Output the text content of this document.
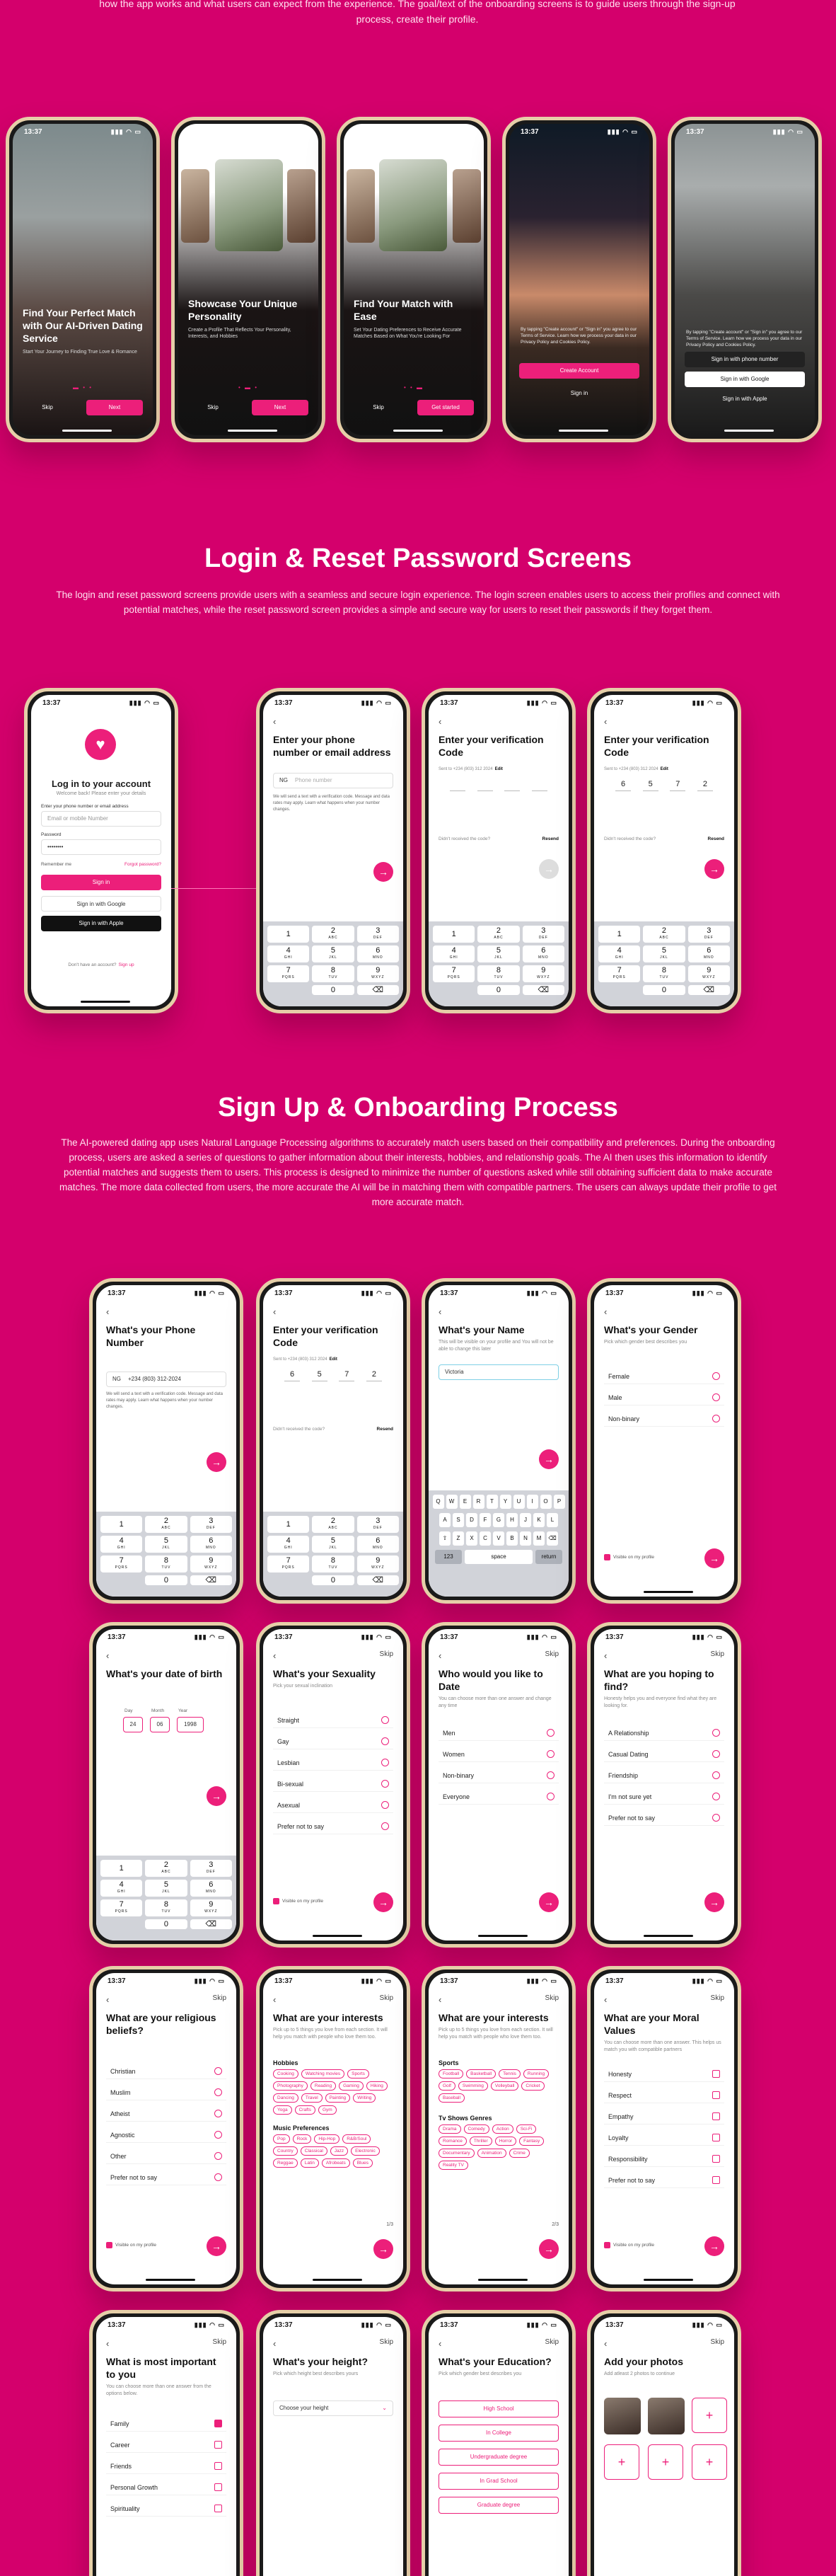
how the app works and what users can expect from the experience. The goal/text of the onboarding screens is to guide users through the sign-up process, create their profile.
Login & Reset Password Screens
The login and reset password screens provide users with a seamless and secure login experience. The login screen enables users to access their profiles and connect with potential matches, while the reset password screen provides a simple and secure way for users to reset their passwords if they forget them.
Sign Up & Onboarding Process
The AI-powered dating app uses Natural Language Processing algorithms to accurately match users based on their compatibility and preferences. During the onboarding process, users are asked a series of questions to gather information about their interests, hobbies, and relationship goals. The AI then uses this information to identify potential matches and suggests them to users. This process is designed to minimize the number of questions asked while still obtaining sufficient data to make accurate matches. The more data collected from users, the more accurate the AI will be in matching them with compatible partners. The users can always update their profile to get more accurate match.
13:37	▮▮▮ ◠ ▭
Find Your Perfect Match with Our AI-Driven Dating Service
Start Your Journey to Finding True Love & Romance
▬ • •
Skip	Next
13:37	▮▮▮ ◠ ▭
Showcase Your Unique Personality
Create a Profile That Reflects Your Personality, Interests, and Hobbies
• ▬ •
Skip	Next
13:37	▮▮▮ ◠ ▭
Find Your Match with Ease
Set Your Dating Preferences to Receive Accurate Matches Based on What You're Looking For
• • ▬
Skip	Get started
13:37	▮▮▮ ◠ ▭
By tapping "Create account" or "Sign in" you agree to our Terms of Service. Learn how we process your data in our Privacy Policy and Cookies Policy.
Create Account
Sign in
13:37	▮▮▮ ◠ ▭
By tapping "Create account" or "Sign in" you agree to our Terms of Service. Learn how we process your data in our Privacy Policy and Cookies Policy.
Sign in with phone number
Sign in with Google
Sign in with Apple
13:37	▮▮▮ ◠ ▭
♥
Log in to your account
Welcome back! Please enter your details
Enter your phone number or email address
Email or mobile Number
Password
••••••••
Remember me	Forgot password?
Sign in
Sign in with Google
Sign in with Apple
Don't have an account? Sign up
13:37	▮▮▮ ◠ ▭
‹
Enter your phone number or email address
NG Phone number
We will send a text with a verification code. Message and data rates may apply. Learn what happens when your number changes.
→
1	2
ABC
3
DEF
4
GHI
5
JKL
6
MNO
7
PQRS
8
TUV
9
WXYZ
0	⌫
13:37	▮▮▮ ◠ ▭
‹
Enter your verification Code
Sent to +234 (803) 312 2024 Edit
Didn't received the code?	Resend
→
1	2
ABC
3
DEF
4
GHI
5
JKL
6
MNO
7
PQRS
8
TUV
9
WXYZ
0	⌫
13:37	▮▮▮ ◠ ▭
‹
Enter your verification Code
Sent to +234 (803) 312 2024 Edit
6	5	7	2
Didn't received the code?	Resend
→
1	2
ABC
3
DEF
4
GHI
5
JKL
6
MNO
7
PQRS
8
TUV
9
WXYZ
0	⌫
13:37	▮▮▮ ◠ ▭
‹
What's your Phone Number
NG +234 (803) 312-2024
We will send a text with a verification code. Message and data rates may apply. Learn what happens when your number changes.
→
1	2
ABC
3
DEF
4
GHI
5
JKL
6
MNO
7
PQRS
8
TUV
9
WXYZ
0	⌫
13:37	▮▮▮ ◠ ▭
‹
Enter your verification Code
Sent to +234 (803) 312 2024 Edit
6	5	7	2
Didn't received the code?	Resend
1	2
ABC
3
DEF
4
GHI
5
JKL
6
MNO
7
PQRS
8
TUV
9
WXYZ
0	⌫
13:37	▮▮▮ ◠ ▭
‹
What's your Name
This will be visible on your profile and You will not be able to change this later
Victoria
→
Q	W	E	R	T	Y	U	I	O	P
A	S	D	F	G	H	J	K	L
⇧	Z	X	C	V	B	N	M	⌫
123	space	return
13:37	▮▮▮ ◠ ▭
‹
What's your Gender
Pick which gender best describes you
Female
Male
Non-binary
Visible on my profile	→
13:37	▮▮▮ ◠ ▭
‹
What's your date of birth
Day
24
Month
06
Year
1998
→
1	2
ABC
3
DEF
4
GHI
5
JKL
6
MNO
7
PQRS
8
TUV
9
WXYZ
0	⌫
13:37	▮▮▮ ◠ ▭
‹	Skip
What's your Sexuality
Pick your sexual inclination
Straight
Gay
Lesbian
Bi-sexual
Asexual
Prefer not to say
Visible on my profile	→
13:37	▮▮▮ ◠ ▭
‹	Skip
Who would you like to Date
You can choose more than one answer and change any time
Men
Women
Non-binary
Everyone
→
13:37	▮▮▮ ◠ ▭
‹	Skip
What are you hoping to find?
Honesty helps you and everyone find what they are looking for.
A Relationship
Casual Dating
Friendship
I'm not sure yet
Prefer not to say
→
13:37	▮▮▮ ◠ ▭
‹	Skip
What are your religious beliefs?
Christian
Muslim
Atheist
Agnostic
Other
Prefer not to say
Visible on my profile	→
13:37	▮▮▮ ◠ ▭
‹	Skip
What are your interests
Pick up to 5 things you love from each section. It will help you match with people who love them too.
Hobbies
Cooking	Watching movies	Sports
Photography	Reading	Gaming	Hiking
Dancing	Travel	Painting	Writing
Yoga	Crafts	Gym
Music Preferences
Pop	Rock	Hip-Hop	R&B/Soul
Country	Classical	Jazz	Electronic
Reggae	Latin	Afrobeats	Blues
1/3
→
13:37	▮▮▮ ◠ ▭
‹	Skip
What are your interests
Pick up to 5 things you love from each section. It will help you match with people who love them too.
Sports
Football	Basketball	Tennis	Running
Golf	Swimming	Volleyball	Cricket
Baseball
Tv Shows Genres
Drama	Comedy	Action	Sci-Fi
Romance	Thriller	Horror	Fantasy
Documentary	Animation	Crime
Reality TV
2/3
→
13:37	▮▮▮ ◠ ▭
‹	Skip
What are your Moral Values
You can choose more than one answer. This helps us match you with compatible partners
Honesty
Respect
Empathy
Loyalty
Responsibility
Prefer not to say
Visible on my profile	→
13:37	▮▮▮ ◠ ▭
‹	Skip
What is most important to you
You can choose more than one answer from the options below.
Family
Career
Friends
Personal Growth
Spirituality
13:37	▮▮▮ ◠ ▭
‹	Skip
What's your height?
Pick which height best describes yours
Choose your height	⌄
13:37	▮▮▮ ◠ ▭
‹	Skip
What's your Education?
Pick which gender best describes you
High School
In College
Undergraduate degree
In Grad School
Graduate degree
13:37	▮▮▮ ◠ ▭
‹	Skip
Add your photos
Add atleast 2 photos to continue
+
+	+	+
